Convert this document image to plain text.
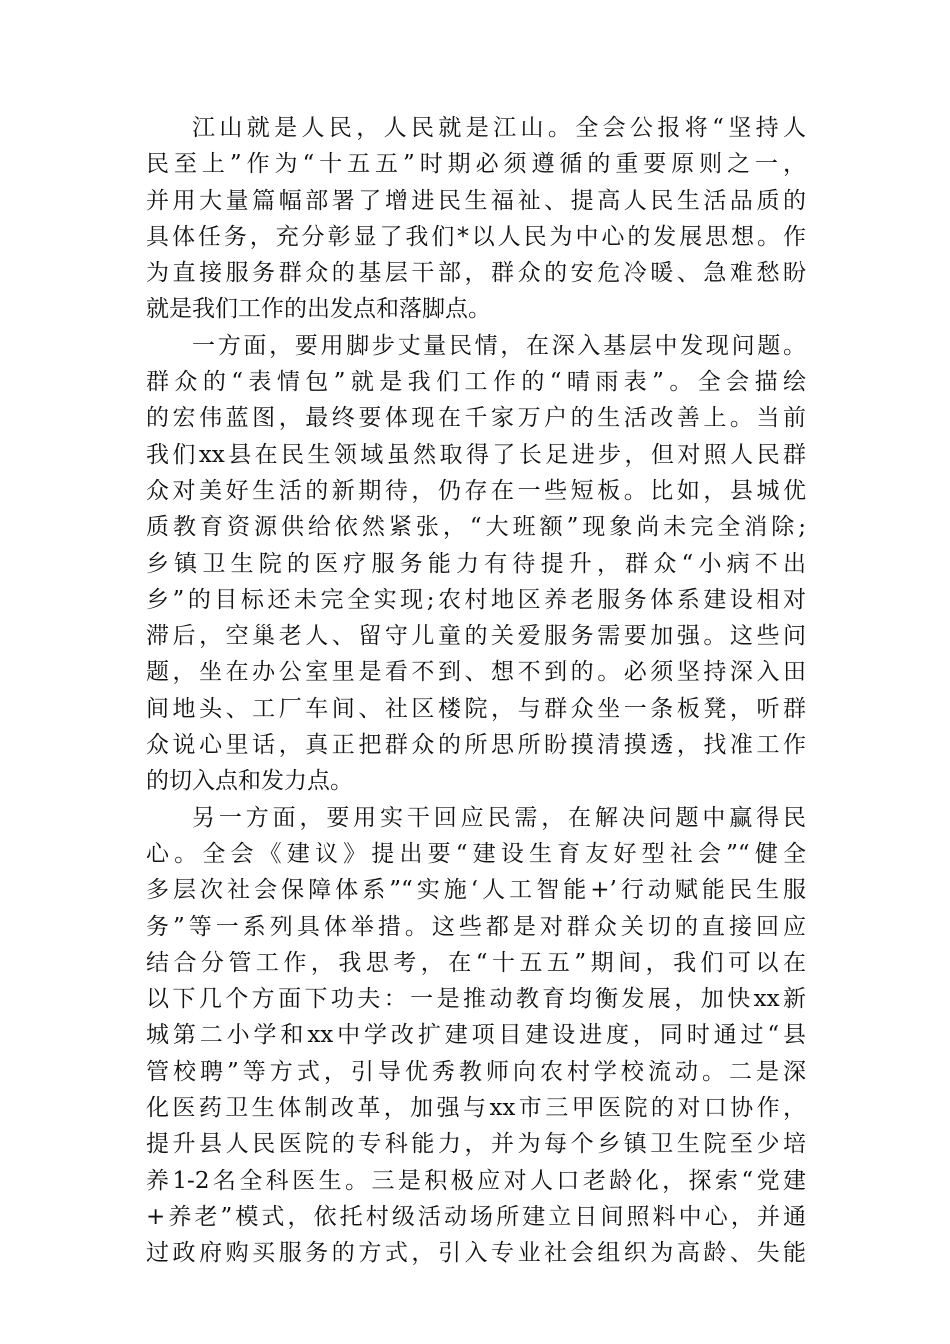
江山就是人民，人民就是江山。全会公报将“坚持人
民至上”作为“十五五”时期必须遵循的重要原则之一，
并用大量篇幅部署了增进民生福祉、提高人民生活品质的
具体任务，充分彰显了我们*以人民为中心的发展思想。作
为直接服务群众的基层干部，群众的安危冷暖、急难愁盼
就是我们工作的出发点和落脚点。
一方面，要用脚步丈量民情，在深入基层中发现问题。
群众的“表情包”就是我们工作的“晴雨表”。全会描绘
的宏伟蓝图，最终要体现在千家万户的生活改善上。当前
我们xx县在民生领域虽然取得了长足进步，但对照人民群
众对美好生活的新期待，仍存在一些短板。比如，县城优
质教育资源供给依然紧张，“大班额”现象尚未完全消除;
乡镇卫生院的医疗服务能力有待提升，群众“小病不出
乡”的目标还未完全实现;农村地区养老服务体系建设相对
滞后，空巢老人、留守儿童的关爱服务需要加强。这些问
题，坐在办公室里是看不到、想不到的。必须坚持深入田
间地头、工厂车间、社区楼院，与群众坐一条板凳，听群
众说心里话，真正把群众的所思所盼摸清摸透，找准工作
的切入点和发力点。
另一方面，要用实干回应民需，在解决问题中赢得民
心。全会《建议》提出要“建设生育友好型社会”“健全
多层次社会保障体系”“实施‘人工智能+’行动赋能民生服
务”等一系列具体举措。这些都是对群众关切的直接回应
结合分管工作，我思考，在“十五五”期间，我们可以在
以下几个方面下功夫：一是推动教育均衡发展，加快xx新
城第二小学和xx中学改扩建项目建设进度，同时通过“县
管校聘”等方式，引导优秀教师向农村学校流动。二是深
化医药卫生体制改革，加强与xx市三甲医院的对口协作，
提升县人民医院的专科能力，并为每个乡镇卫生院至少培
养1-2名全科医生。三是积极应对人口老龄化，探索“党建
+养老”模式，依托村级活动场所建立日间照料中心，并通
过政府购买服务的方式，引入专业社会组织为高龄、失能
